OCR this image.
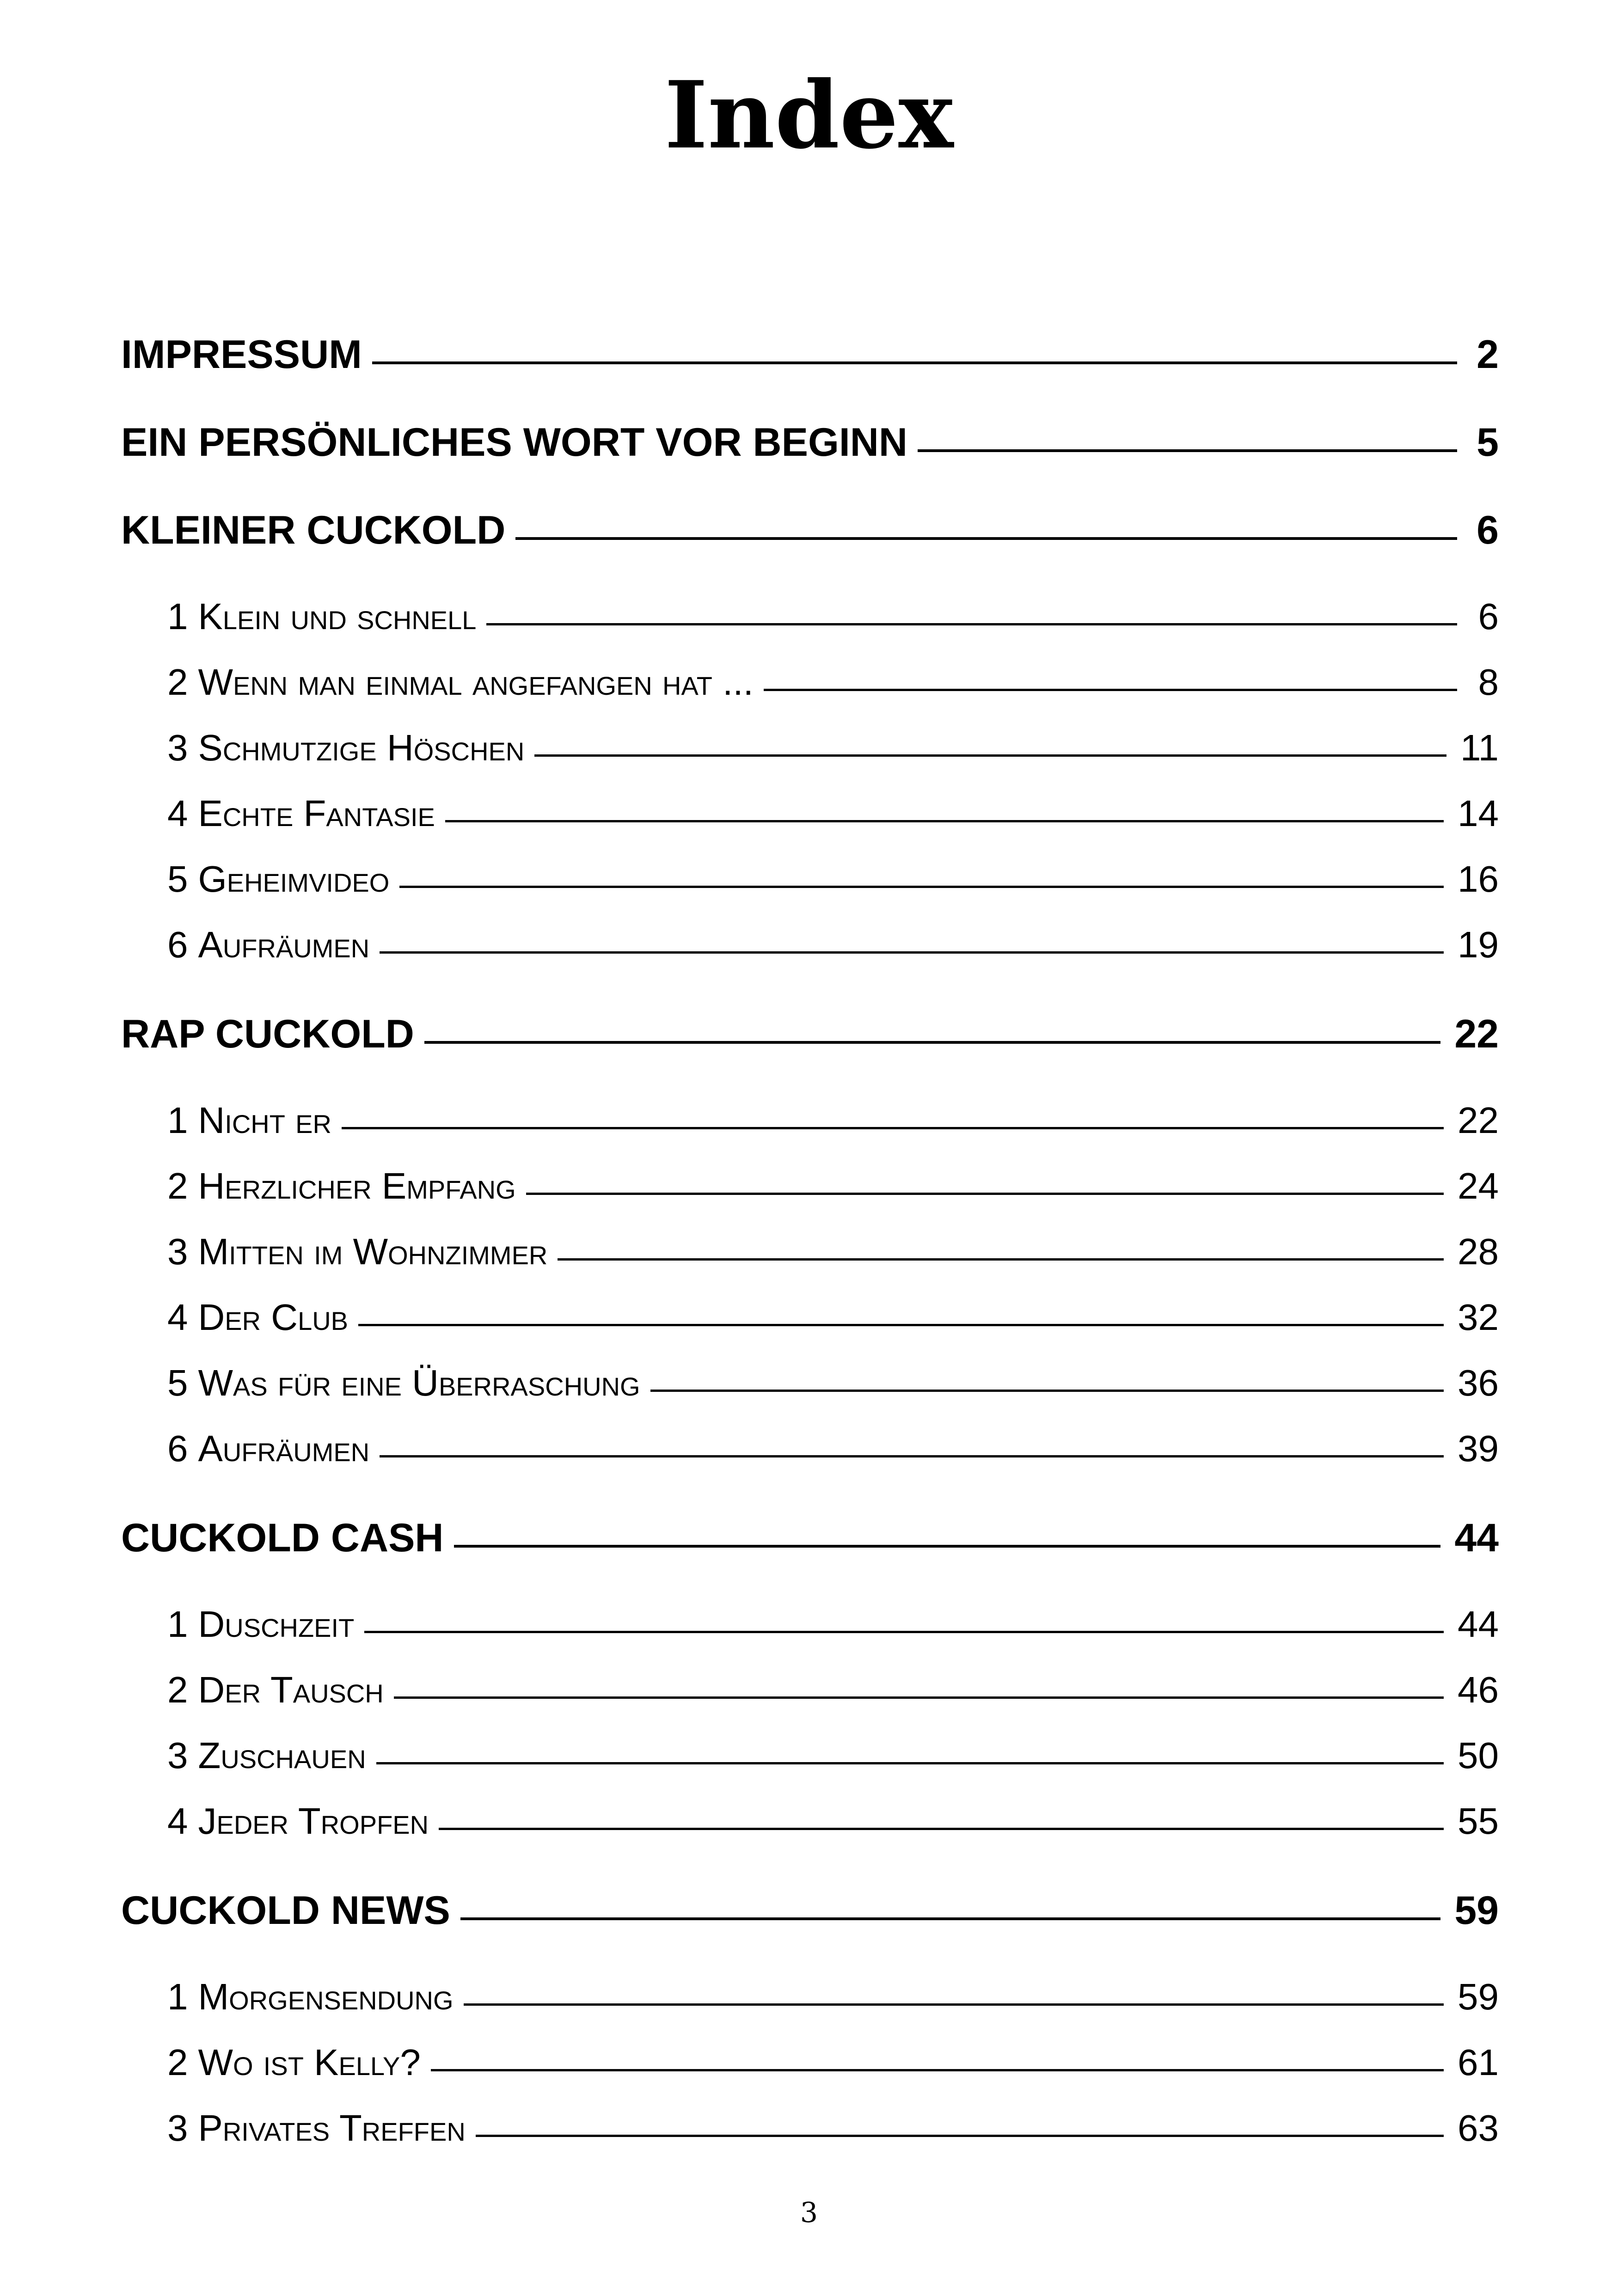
Index
IMPRESSUM	2
EIN PERSÖNLICHES WORT VOR BEGINN	5
KLEINER CUCKOLD	6
1 Klein und schnell	6
2 Wenn man einmal angefangen hat ...	8
3 Schmutzige Höschen	11
4 Echte Fantasie	14
5 Geheimvideo	16
6 Aufräumen	19
RAP CUCKOLD	22
1 Nicht er	22
2 Herzlicher Empfang	24
3 Mitten im Wohnzimmer	28
4 Der Club	32
5 Was für eine Überraschung	36
6 Aufräumen	39
CUCKOLD CASH	44
1 Duschzeit	44
2 Der Tausch	46
3 Zuschauen	50
4 Jeder Tropfen	55
CUCKOLD NEWS	59
1 Morgensendung	59
2 Wo ist Kelly?	61
3 Privates Treffen	63
3
